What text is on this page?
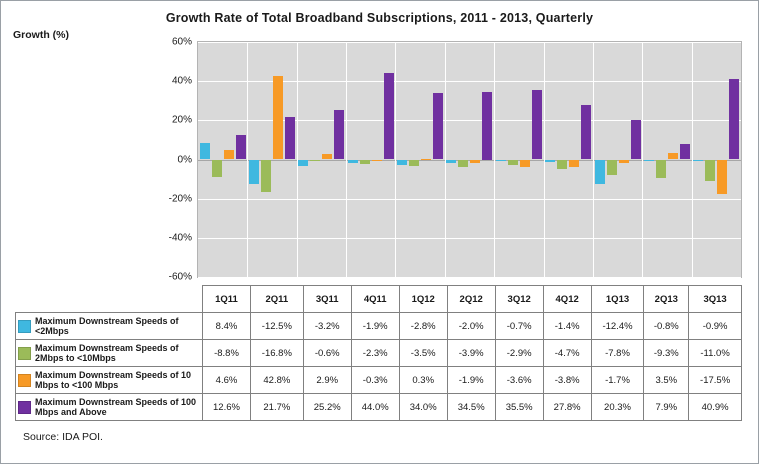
Growth Rate of Total Broadband Subscriptions, 2011 - 2013, Quarterly
Growth (%)
60%
40%
20%
0%
-20%
-40%
-60%
	1Q11	2Q11	3Q11	4Q11	1Q12	2Q12	3Q12	4Q12	1Q13	2Q13	3Q13

Maximum Downstream Speeds of <2Mbps	8.4%	-12.5%	-3.2%	-1.9%	-2.8%	-2.0%	-0.7%	-1.4%	-12.4%	-0.8%	-0.9%

Maximum Downstream Speeds of 2Mbps to <10Mbps	-8.8%	-16.8%	-0.6%	-2.3%	-3.5%	-3.9%	-2.9%	-4.7%	-7.8%	-9.3%	-11.0%

Maximum Downstream Speeds of 10 Mbps to <100 Mbps	4.6%	42.8%	2.9%	-0.3%	0.3%	-1.9%	-3.6%	-3.8%	-1.7%	3.5%	-17.5%

Maximum Downstream Speeds of 100 Mbps and Above	12.6%	21.7%	25.2%	44.0%	34.0%	34.5%	35.5%	27.8%	20.3%	7.9%	40.9%
Source: IDA POI.
